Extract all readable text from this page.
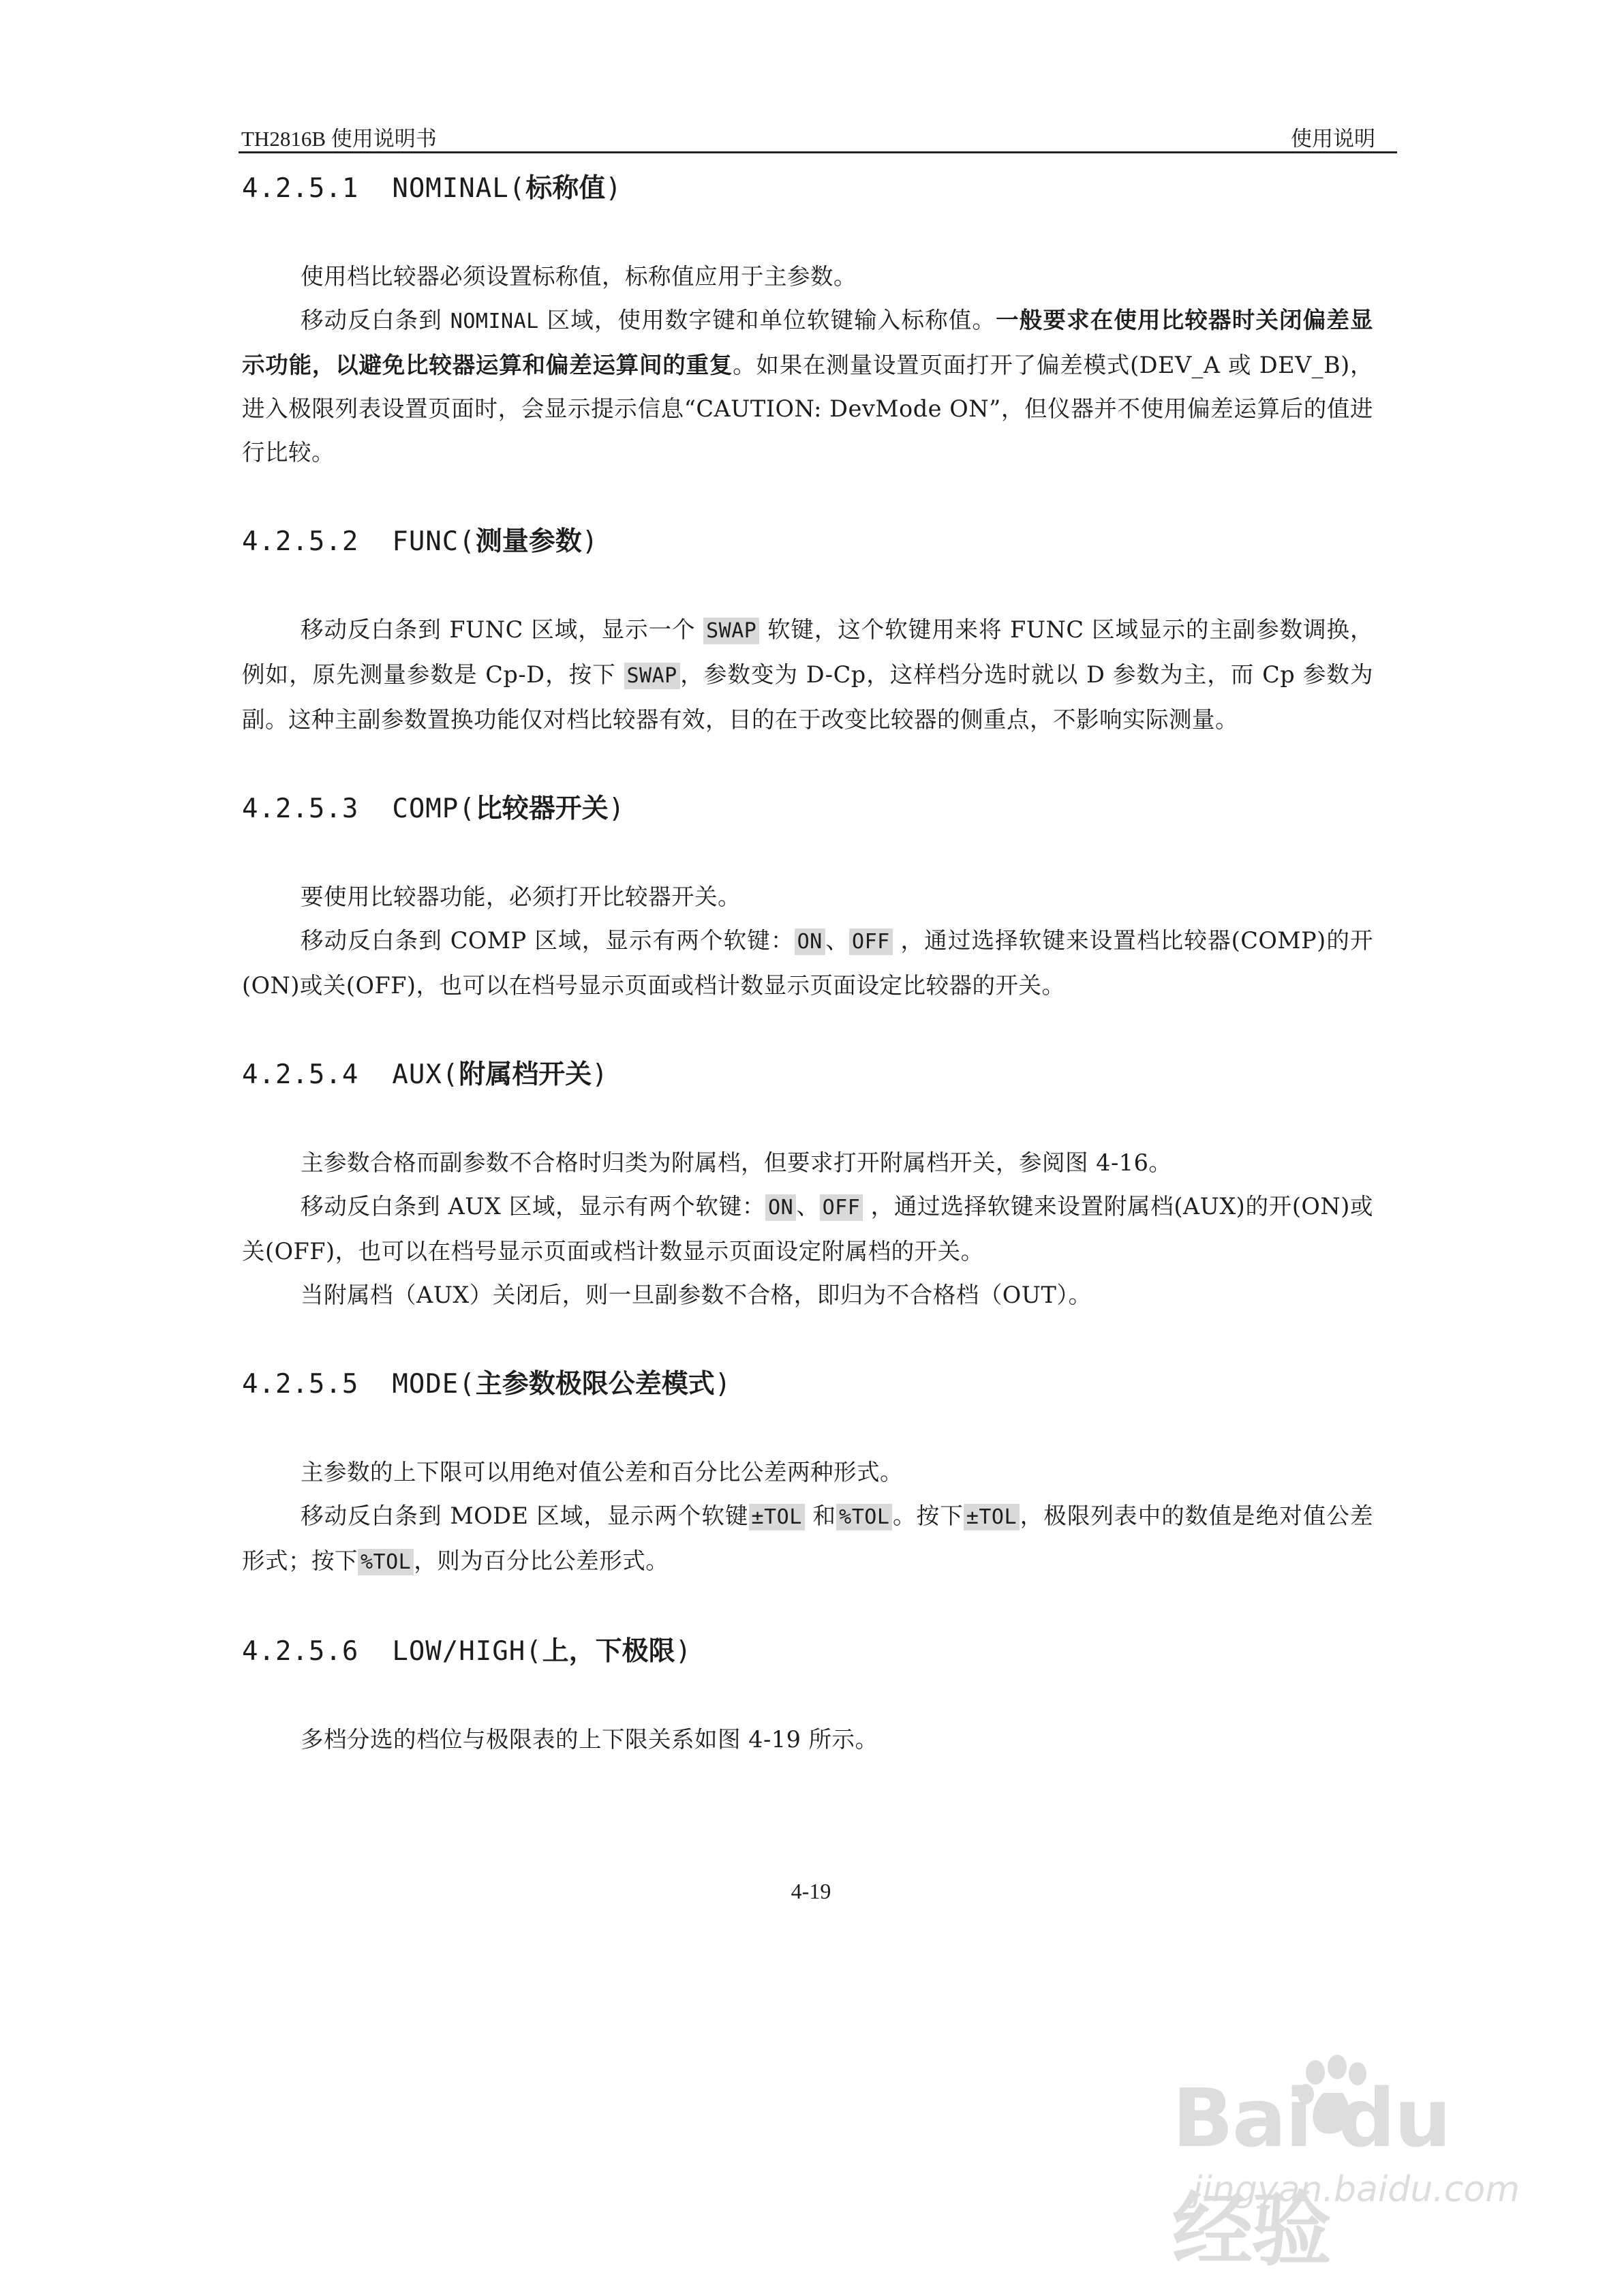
TH2816B 使用说明书	使用说明
4.2.5.1 NOMINAL(标称值)

使用档比较器必须设置标称值，标称值应用于主参数。

移动反白条到 NOMINAL 区域，使用数字键和单位软键输入标称值。一般要求在使用比较器时关闭偏差显示功能，以避免比较器运算和偏差运算间的重复。如果在测量设置页面打开了偏差模式(DEV_A 或 DEV_B)，进入极限列表设置页面时，会显示提示信息“CAUTION: DevMode ON”，但仪器并不使用偏差运算后的值进行比较。

4.2.5.2 FUNC(测量参数)

移动反白条到 FUNC 区域，显示一个 SWAP 软键，这个软键用来将 FUNC 区域显示的主副参数调换，例如，原先测量参数是 Cp-D，按下 SWAP ，参数变为 D-Cp，这样档分选时就以 D 参数为主，而 Cp 参数为副。这种主副参数置换功能仅对档比较器有效，目的在于改变比较器的侧重点，不影响实际测量。

4.2.5.3 COMP(比较器开关)

要使用比较器功能，必须打开比较器开关。

移动反白条到 COMP 区域，显示有两个软键： ON 、 OFF ，通过选择软键来设置档比较器(COMP)的开(ON)或关(OFF)，也可以在档号显示页面或档计数显示页面设定比较器的开关。

4.2.5.4 AUX(附属档开关)

主参数合格而副参数不合格时归类为附属档，但要求打开附属档开关，参阅图 4-16。

移动反白条到 AUX 区域，显示有两个软键： ON 、 OFF ，通过选择软键来设置附属档(AUX)的开(ON)或关(OFF)，也可以在档号显示页面或档计数显示页面设定附属档的开关。

当附属档（AUX）关闭后，则一旦副参数不合格，即归为不合格档（OUT）。

4.2.5.5 MODE(主参数极限公差模式)

主参数的上下限可以用绝对值公差和百分比公差两种形式。

移动反白条到 MODE 区域，显示两个软键 ±TOL 和 %TOL 。按下 ±TOL ，极限列表中的数值是绝对值公差形式；按下 %TOL ，则为百分比公差形式。

4.2.5.6 LOW/HIGH(上，下极限)

多档分选的档位与极限表的上下限关系如图 4-19 所示。

4-19
Bai du 经验
jingyan.baidu.com
